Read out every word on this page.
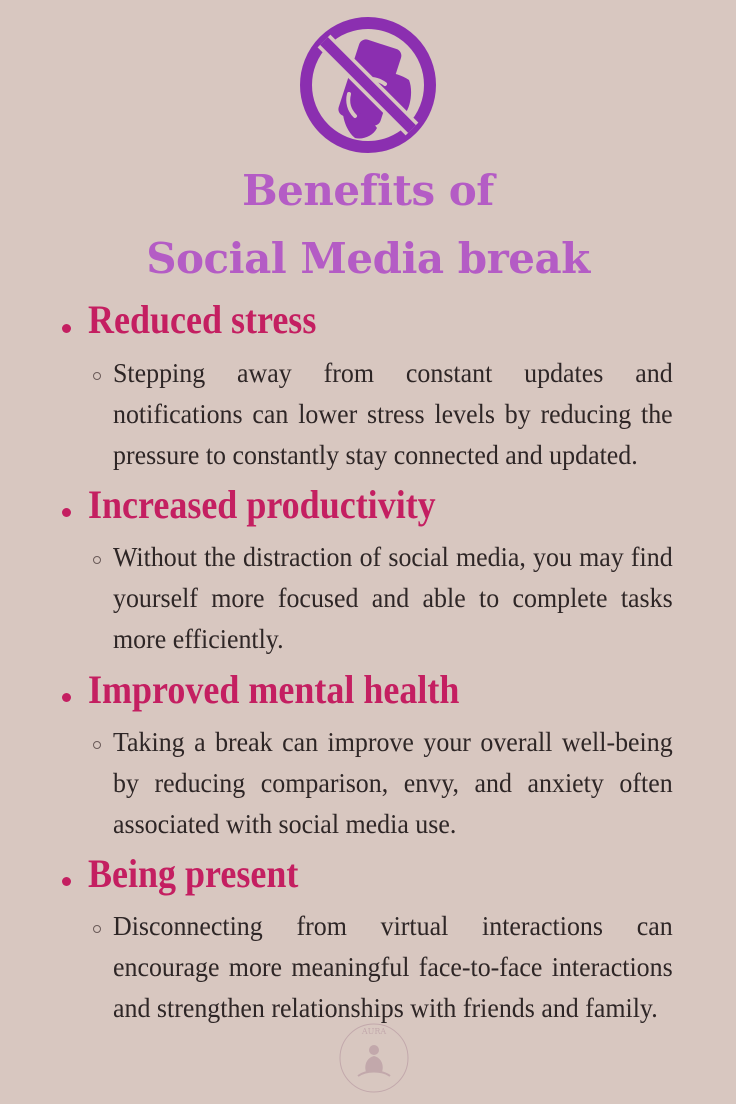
Benefits of
Social Media break
Reduced stress
Stepping away from constant updates and notifications can lower stress levels by reducing the pressure to constantly stay connected and updated.
Increased productivity
Without the distraction of social media, you may find yourself more focused and able to complete tasks more efficiently.
Improved mental health
Taking a break can improve your overall well-being by reducing comparison, envy, and anxiety often associated with social media use.
Being present
Disconnecting from virtual interactions can encourage more meaningful face-to-face interactions and strengthen relationships with friends and family.
AURA
